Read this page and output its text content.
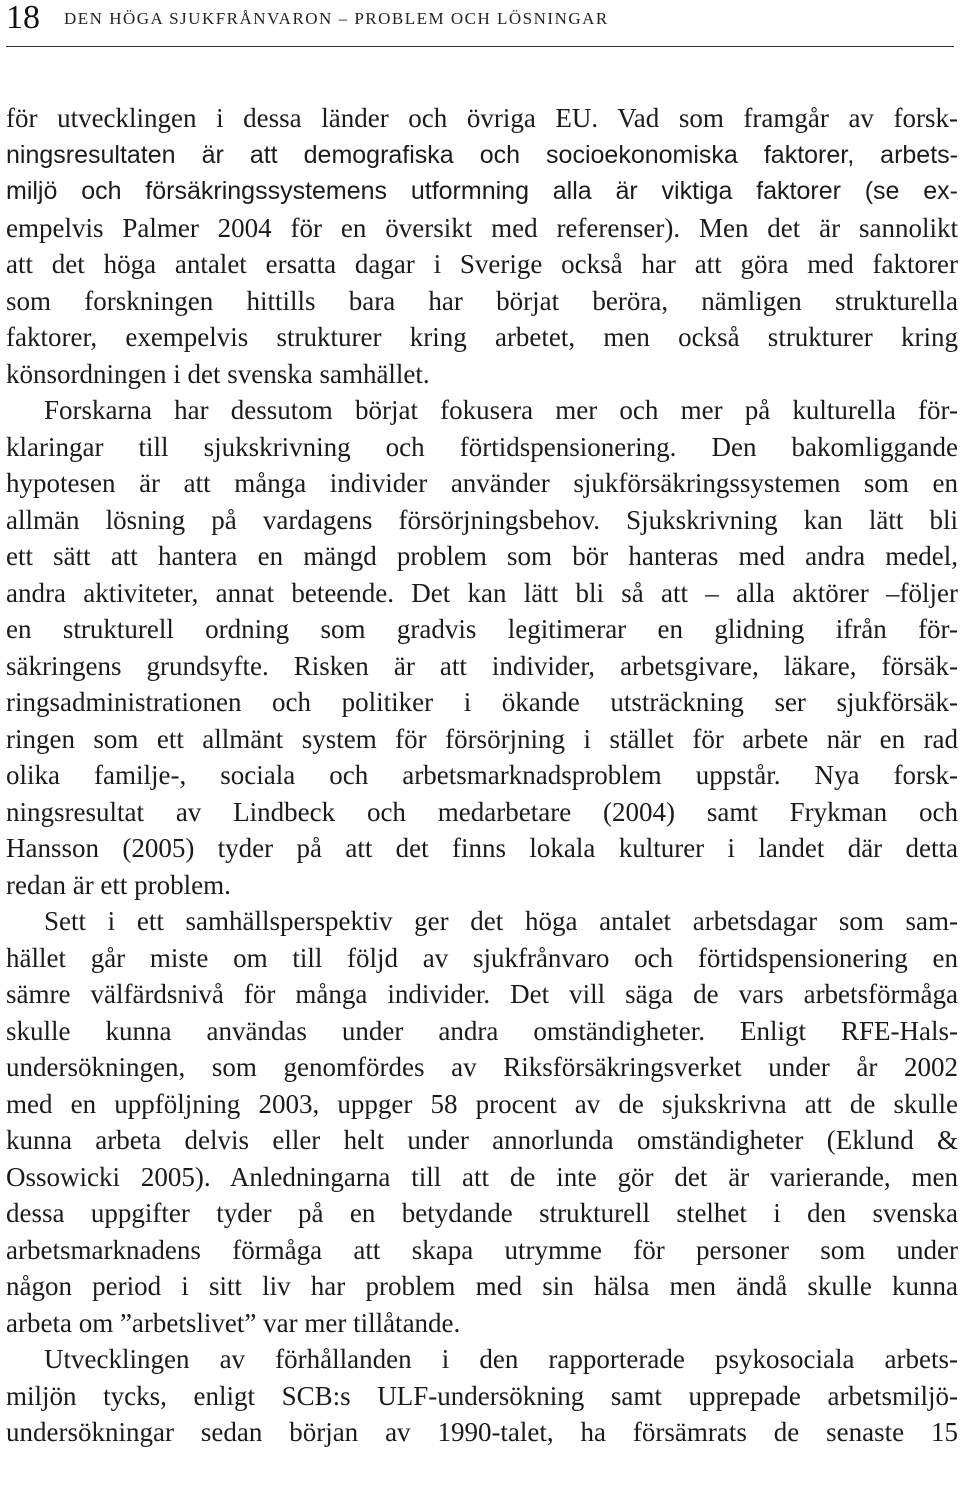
18 DEN HÖGA SJUKFRÅNVARON – PROBLEM OCH LÖSNINGAR
för utvecklingen i dessa länder och övriga EU. Vad som framgår av forsk-
ningsresultaten är att demografiska och socioekonomiska faktorer, arbets-
miljö och försäkringssystemens utformning alla är viktiga faktorer (se ex-
empelvis Palmer 2004 för en översikt med referenser). Men det är sannolikt
att det höga antalet ersatta dagar i Sverige också har att göra med faktorer
som forskningen hittills bara har börjat beröra, nämligen strukturella
faktorer, exempelvis strukturer kring arbetet, men också strukturer kring
könsordningen i det svenska samhället.
Forskarna har dessutom börjat fokusera mer och mer på kulturella för-
klaringar till sjukskrivning och förtidspensionering. Den bakomliggande
hypotesen är att många individer använder sjukförsäkringssystemen som en
allmän lösning på vardagens försörjningsbehov. Sjukskrivning kan lätt bli
ett sätt att hantera en mängd problem som bör hanteras med andra medel,
andra aktiviteter, annat beteende. Det kan lätt bli så att – alla aktörer –följer
en strukturell ordning som gradvis legitimerar en glidning ifrån för-
säkringens grundsyfte. Risken är att individer, arbetsgivare, läkare, försäk-
ringsadministrationen och politiker i ökande utsträckning ser sjukförsäk-
ringen som ett allmänt system för försörjning i stället för arbete när en rad
olika familje-, sociala och arbetsmarknadsproblem uppstår. Nya forsk-
ningsresultat av Lindbeck och medarbetare (2004) samt Frykman och
Hansson (2005) tyder på att det finns lokala kulturer i landet där detta
redan är ett problem.
Sett i ett samhällsperspektiv ger det höga antalet arbetsdagar som sam-
hället går miste om till följd av sjukfrånvaro och förtidspensionering en
sämre välfärdsnivå för många individer. Det vill säga de vars arbetsförmåga
skulle kunna användas under andra omständigheter. Enligt RFE-Hals-
undersökningen, som genomfördes av Riksförsäkringsverket under år 2002
med en uppföljning 2003, uppger 58 procent av de sjukskrivna att de skulle
kunna arbeta delvis eller helt under annorlunda omständigheter (Eklund &
Ossowicki 2005). Anledningarna till att de inte gör det är varierande, men
dessa uppgifter tyder på en betydande strukturell stelhet i den svenska
arbetsmarknadens förmåga att skapa utrymme för personer som under
någon period i sitt liv har problem med sin hälsa men ändå skulle kunna
arbeta om ”arbetslivet” var mer tillåtande.
Utvecklingen av förhållanden i den rapporterade psykosociala arbets-
miljön tycks, enligt SCB:s ULF-undersökning samt upprepade arbetsmiljö-
undersökningar sedan början av 1990-talet, ha försämrats de senaste 15
